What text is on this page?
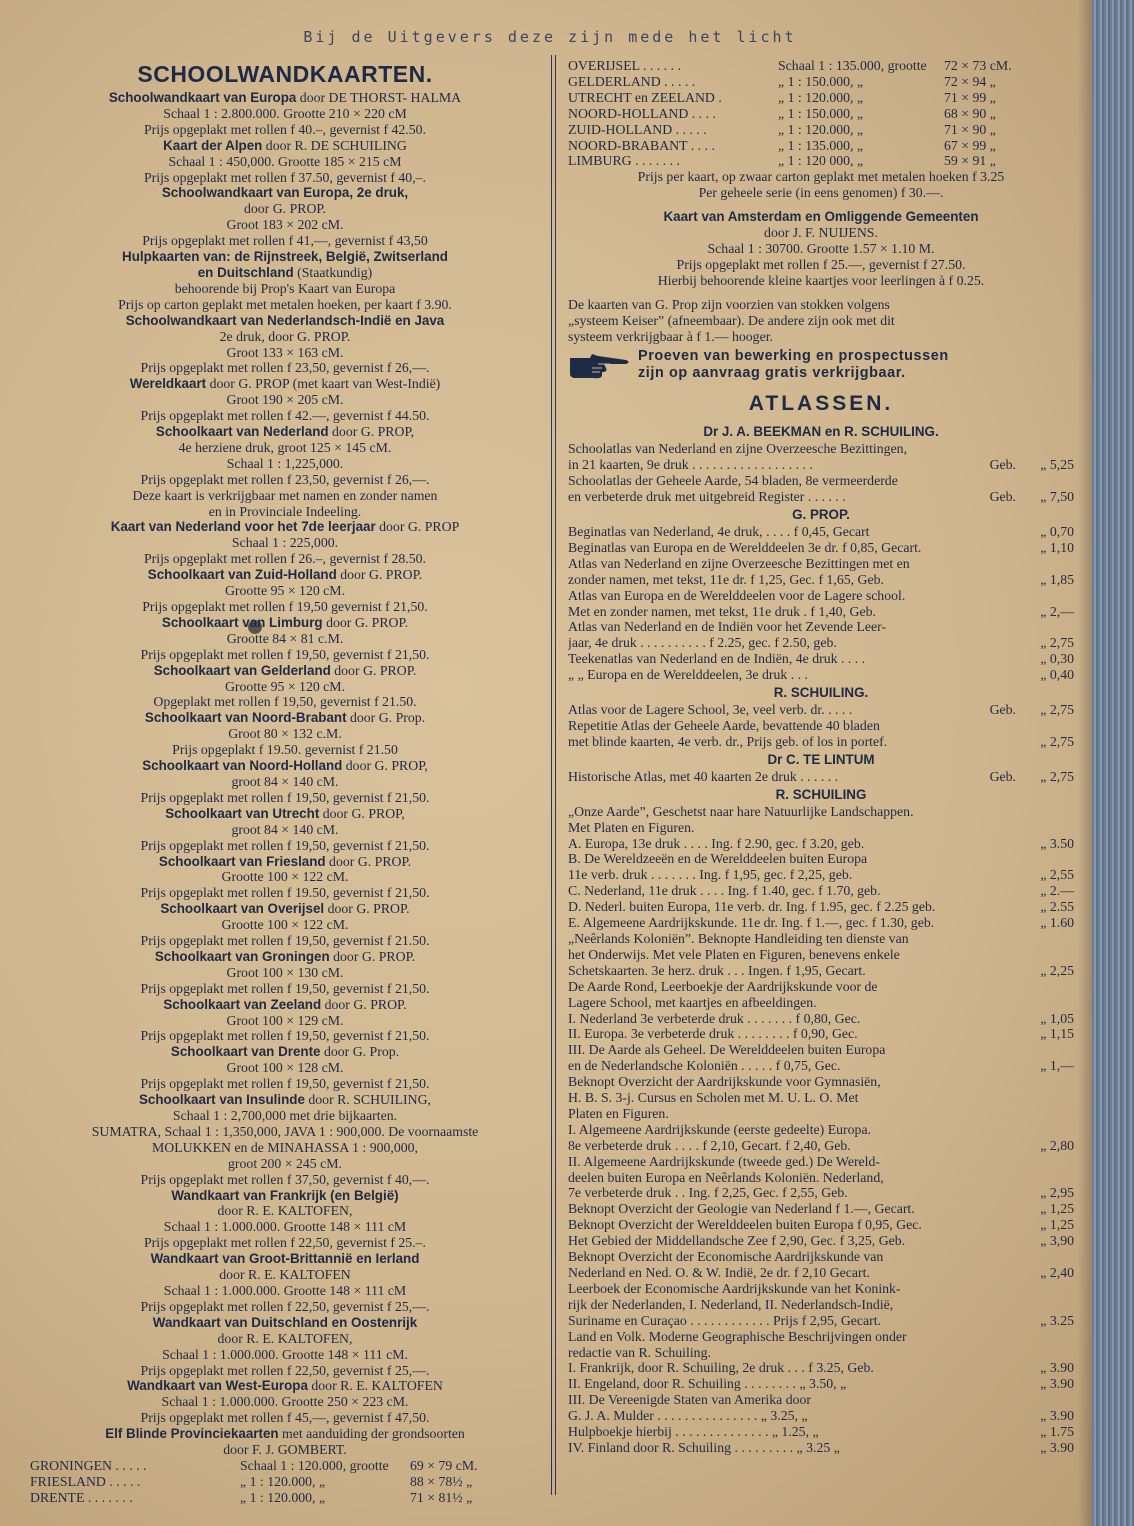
Bij de Uitgevers deze zijn mede het licht
SCHOOLWANDKAARTEN.
Schoolwandkaart van Europa door DE THORST- HALMA
Schaal 1 : 2.800.000. Grootte 210 × 220 cM
Prijs opgeplakt met rollen f 40.–, gevernist f 42.50.
Kaart der Alpen door R. DE SCHUILING
Schaal 1 : 450,000. Grootte 185 × 215 cM
Prijs opgeplakt met rollen f 37.50, gevernist f 40,–.
Schoolwandkaart van Europa, 2e druk,
door G. PROP.
Groot 183 × 202 cM.
Prijs opgeplakt met rollen f 41,—, gevernist f 43,50
Hulpkaarten van: de Rijnstreek, België, Zwitserland
en Duitschland (Staatkundig)
behoorende bij Prop's Kaart van Europa
Prijs op carton geplakt met metalen hoeken, per kaart f 3.90.
Schoolwandkaart van Nederlandsch-Indië en Java
2e druk, door G. PROP.
Groot 133 × 163 cM.
Prijs opgeplakt met rollen f 23,50, gevernist f 26,—.
Wereldkaart door G. PROP (met kaart van West-Indië)
Groot 190 × 205 cM.
Prijs opgeplakt met rollen f 42.—, gevernist f 44.50.
Schoolkaart van Nederland door G. PROP,
4e herziene druk, groot 125 × 145 cM.
Schaal 1 : 1,225,000.
Prijs opgeplakt met rollen f 23,50, gevernist f 26,—.
Deze kaart is verkrijgbaar met namen en zonder namen
en in Provinciale Indeeling.
Kaart van Nederland voor het 7de leerjaar door G. PROP
Schaal 1 : 225,000.
Prijs opgeplakt met rollen f 26.–, gevernist f 28.50.
Schoolkaart van Zuid-Holland door G. PROP.
Grootte 95 × 120 cM.
Prijs opgeplakt met rollen f 19,50 gevernist f 21,50.
Schoolkaart van Limburg door G. PROP.
Grootte 84 × 81 c.M.
Prijs opgeplakt met rollen f 19,50, gevernist f 21,50.
Schoolkaart van Gelderland door G. PROP.
Grootte 95 × 120 cM.
Opgeplakt met rollen f 19,50, gevernist f 21.50.
Schoolkaart van Noord-Brabant door G. Prop.
Groot 80 × 132 c.M.
Prijs opgeplakt f 19.50. gevernist f 21.50
Schoolkaart van Noord-Holland door G. PROP,
groot 84 × 140 cM.
Prijs opgeplakt met rollen f 19,50, gevernist f 21,50.
Schoolkaart van Utrecht door G. PROP,
groot 84 × 140 cM.
Prijs opgeplakt met rollen f 19,50, gevernist f 21,50.
Schoolkaart van Friesland door G. PROP.
Grootte 100 × 122 cM.
Prijs opgeplakt met rollen f 19.50, gevernist f 21,50.
Schoolkaart van Overijsel door G. PROP.
Grootte 100 × 122 cM.
Prijs opgeplakt met rollen f 19,50, gevernist f 21.50.
Schoolkaart van Groningen door G. PROP.
Groot 100 × 130 cM.
Prijs opgeplakt met rollen f 19,50, gevernist f 21,50.
Schoolkaart van Zeeland door G. PROP.
Groot 100 × 129 cM.
Prijs opgeplakt met rollen f 19,50, gevernist f 21,50.
Schoolkaart van Drente door G. Prop.
Groot 100 × 128 cM.
Prijs opgeplakt met rollen f 19,50, gevernist f 21,50.
Schoolkaart van Insulinde door R. SCHUILING,
Schaal 1 : 2,700,000 met drie bijkaarten.
SUMATRA, Schaal 1 : 1,350,000, JAVA 1 : 900,000. De voornaamste
MOLUKKEN en de MINAHASSA 1 : 900,000,
groot 200 × 245 cM.
Prijs opgeplakt met rollen f 37,50, gevernist f 40,—.
Wandkaart van Frankrijk (en België)
door R. E. KALTOFEN,
Schaal 1 : 1.000.000. Grootte 148 × 111 cM
Prijs opgeplakt met rollen f 22,50, gevernist f 25.–.
Wandkaart van Groot-Brittannië en Ierland
door R. E. KALTOFEN
Schaal 1 : 1.000.000. Grootte 148 × 111 cM
Prijs opgeplakt met rollen f 22,50, gevernist f 25,—.
Wandkaart van Duitschland en Oostenrijk
door R. E. KALTOFEN,
Schaal 1 : 1.000.000. Grootte 148 × 111 cM.
Prijs opgeplakt met rollen f 22,50, gevernist f 25,—.
Wandkaart van West-Europa door R. E. KALTOFEN
Schaal 1 : 1.000.000. Grootte 250 × 223 cM.
Prijs opgeplakt met rollen f 45,—, gevernist f 47,50.
Elf Blinde Provinciekaarten met aanduiding der grondsoorten
door F. J. GOMBERT.
GRONINGEN . . . . .	Schaal 1 : 120.000, grootte	69 × 79 cM.
FRIESLAND . . . . .	„ 1 : 120.000, „	88 × 78½ „
DRENTE . . . . . . .	„ 1 : 120.000, „	71 × 81½ „
OVERIJSEL . . . . . .	Schaal 1 : 135.000, grootte	72 × 73 cM.
GELDERLAND . . . . .	„ 1 : 150.000, „	72 × 94 „
UTRECHT en ZEELAND .	„ 1 : 120.000, „	71 × 99 „
NOORD-HOLLAND . . . .	„ 1 : 150.000, „	68 × 90 „
ZUID-HOLLAND . . . . .	„ 1 : 120.000, „	71 × 90 „
NOORD-BRABANT . . . .	„ 1 : 135.000, „	67 × 99 „
LIMBURG . . . . . . .	„ 1 : 120 000, „	59 × 91 „
Prijs per kaart, op zwaar carton geplakt met metalen hoeken f 3.25
Per geheele serie (in eens genomen) f 30.—.
Kaart van Amsterdam en Omliggende Gemeenten
door J. F. NUIJENS.
Schaal 1 : 30700. Grootte 1.57 × 1.10 M.
Prijs opgeplakt met rollen f 25.—, gevernist f 27.50.
Hierbij behoorende kleine kaartjes voor leerlingen à f 0.25.
De kaarten van G. Prop zijn voorzien van stokken volgens
„systeem Keiser” (afneembaar). De andere zijn ook met dit
systeem verkrijgbaar à f 1.— hooger.
Proeven van bewerking en prospectussen
zijn op aanvraag gratis verkrijgbaar.
ATLASSEN.
Dr J. A. BEEKMAN en R. SCHUILING.
Schoolatlas van Nederland en zijne Overzeesche Bezittingen,
in 21 kaarten, 9e druk . . . . . . . . . . . . . . . . . .	Geb.	„ 5,25
Schoolatlas der Geheele Aarde, 54 bladen, 8e vermeerderde
en verbeterde druk met uitgebreid Register . . . . . .	Geb.	„ 7,50
G. PROP.
Beginatlas van Nederland, 4e druk, . . . . f 0,45, Gecart	„ 0,70
Beginatlas van Europa en de Werelddeelen 3e dr. f 0,85, Gecart.	„ 1,10
Atlas van Nederland en zijne Overzeesche Bezittingen met en
zonder namen, met tekst, 11e dr. f 1,25, Gec. f 1,65, Geb.	„ 1,85
Atlas van Europa en de Werelddeelen voor de Lagere school.
Met en zonder namen, met tekst, 11e druk . f 1,40, Geb.	„ 2,—
Atlas van Nederland en de Indiën voor het Zevende Leer-
jaar, 4e druk . . . . . . . . . . f 2.25, gec. f 2.50, geb.	„ 2,75
Teekenatlas van Nederland en de Indiën, 4e druk . . . .	„ 0,30
„ „ Europa en de Werelddeelen, 3e druk . . .	„ 0,40
R. SCHUILING.
Atlas voor de Lagere School, 3e, veel verb. dr. . . . .	Geb.	„ 2,75
Repetitie Atlas der Geheele Aarde, bevattende 40 bladen
met blinde kaarten, 4e verb. dr., Prijs geb. of los in portef.	„ 2,75
Dr C. TE LINTUM
Historische Atlas, met 40 kaarten 2e druk . . . . . .	Geb.	„ 2,75
R. SCHUILING
„Onze Aarde”, Geschetst naar hare Natuurlijke Landschappen.
Met Platen en Figuren.
A. Europa, 13e druk . . . . Ing. f 2.90, gec. f 3.20, geb.	„ 3.50
B. De Wereldzeeën en de Werelddeelen buiten Europa
11e verb. druk . . . . . . . Ing. f 1,95, gec. f 2,25, geb.	„ 2,55
C. Nederland, 11e druk . . . . Ing. f 1.40, gec. f 1.70, geb.	„ 2.—
D. Nederl. buiten Europa, 11e verb. dr. Ing. f 1.95, gec. f 2.25 geb.	„ 2.55
E. Algemeene Aardrijkskunde. 11e dr. Ing. f 1.—, gec. f 1.30, geb.	„ 1.60
„Neêrlands Koloniën”. Beknopte Handleiding ten dienste van
het Onderwijs. Met vele Platen en Figuren, benevens enkele
Schetskaarten. 3e herz. druk . . . Ingen. f 1,95, Gecart.	„ 2,25
De Aarde Rond, Leerboekje der Aardrijkskunde voor de
Lagere School, met kaartjes en afbeeldingen.
I. Nederland 3e verbeterde druk . . . . . . . f 0,80, Gec.	„ 1,05
II. Europa. 3e verbeterde druk . . . . . . . . f 0,90, Gec.	„ 1,15
III. De Aarde als Geheel. De Werelddeelen buiten Europa
en de Nederlandsche Koloniën . . . . . f 0,75, Gec.	„ 1,—
Beknopt Overzicht der Aardrijkskunde voor Gymnasiën,
H. B. S. 3-j. Cursus en Scholen met M. U. L. O. Met
Platen en Figuren.
I. Algemeene Aardrijkskunde (eerste gedeelte) Europa.
8e verbeterde druk . . . . f 2,10, Gecart. f 2,40, Geb.	„ 2,80
II. Algemeene Aardrijkskunde (tweede ged.) De Wereld-
deelen buiten Europa en Neêrlands Koloniën. Nederland,
7e verbeterde druk . . Ing. f 2,25, Gec. f 2,55, Geb.	„ 2,95
Beknopt Overzicht der Geologie van Nederland f 1.—, Gecart.	„ 1,25
Beknopt Overzicht der Werelddeelen buiten Europa f 0,95, Gec.	„ 1,25
Het Gebied der Middellandsche Zee f 2,90, Gec. f 3,25, Geb.	„ 3,90
Beknopt Overzicht der Economische Aardrijkskunde van
Nederland en Ned. O. & W. Indië, 2e dr. f 2,10 Gecart.	„ 2,40
Leerboek der Economische Aardrijkskunde van het Konink-
rijk der Nederlanden, I. Nederland, II. Nederlandsch-Indië,
Suriname en Curaçao . . . . . . . . . . . . Prijs f 2,95, Gecart.	„ 3.25
Land en Volk. Moderne Geographische Beschrijvingen onder
redactie van R. Schuiling.
I. Frankrijk, door R. Schuiling, 2e druk . . . f 3.25, Geb.	„ 3.90
II. Engeland, door R. Schuiling . . . . . . . . „ 3.50, „	„ 3.90
III. De Vereenigde Staten van Amerika door
G. J. A. Mulder . . . . . . . . . . . . . . . „ 3.25, „	„ 3.90
Hulpboekje hierbij . . . . . . . . . . . . . . „ 1.25, „	„ 1.75
IV. Finland door R. Schuiling . . . . . . . . . „ 3.25 „	„ 3.90
